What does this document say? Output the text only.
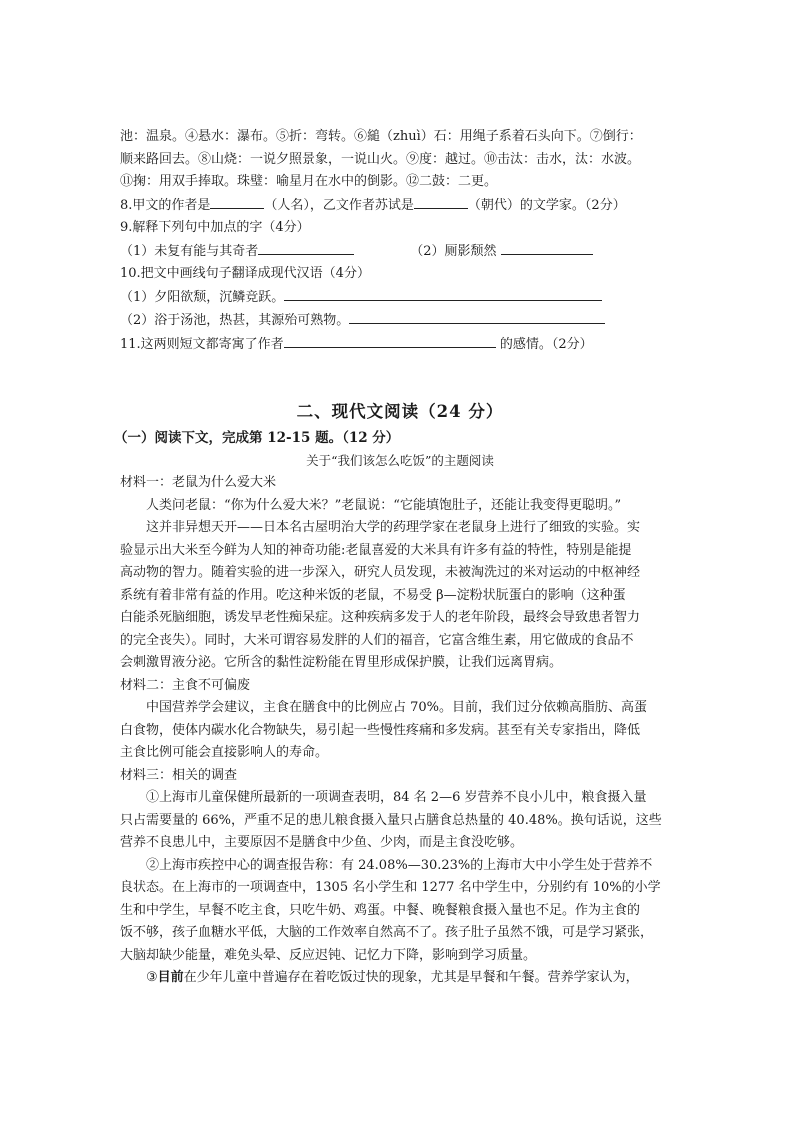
池：温泉。④悬水：瀑布。⑤折：弯转。⑥縋（zhuì）石：用绳子系着石头向下。⑦倒行：

顺来路回去。⑧山烧：一说夕照景象，一说山火。⑨度：越过。⑩击汰：击水，汰：水波。

⑪掬：用双手捧取。珠璧：喻星月在水中的倒影。⑫二鼓：二更。

8.甲文的作者是	（人名），乙文作者苏试是	（朝代）的文学家。（2分）

9.解释下列句中加点的字（4分）

（1）未复有能与其奇者	（2）厕影颓然

10.把文中画线句子翻译成现代汉语（4分）

（1）夕阳欲颓，沉鳞竞跃。

（2）浴于汤池，热甚，其源殆可熟物。

11.这两则短文都寄寓了作者	的感情。（2分）

二、现代文阅读（24 分）

（一）阅读下文，完成第 12-15 题。（12 分）

关于“我们该怎么吃饭”的主题阅读

材料一：老鼠为什么爱大米

人类问老鼠：“你为什么爱大米？”老鼠说：“它能填饱肚子，还能让我变得更聪明。”

这并非异想天开——日本名古屋明治大学的药理学家在老鼠身上进行了细致的实验。实

验显示出大米至今鲜为人知的神奇功能:老鼠喜爱的大米具有许多有益的特性，特别是能提

高动物的智力。随着实验的进一步深入，研究人员发现，未被淘洗过的米对运动的中枢神经

系统有着非常有益的作用。吃这种米饭的老鼠，不易受 β—淀粉状朊蛋白的影响（这种蛋

白能杀死脑细胞，诱发早老性痴呆症。这种疾病多发于人的老年阶段，最终会导致患者智力

的完全丧失）。同时，大米可谓容易发胖的人们的福音，它富含维生素，用它做成的食品不

会刺激胃液分泌。它所含的黏性淀粉能在胃里形成保护膜，让我们远离胃病。

材料二：主食不可偏废

中国营养学会建议，主食在膳食中的比例应占 70%。目前，我们过分依赖高脂肪、高蛋

白食物，使体内碳水化合物缺失，易引起一些慢性疼痛和多发病。甚至有关专家指出，降低

主食比例可能会直接影响人的寿命。

材料三：相关的调查

①上海市儿童保健所最新的一项调查表明，84 名 2—6 岁营养不良小儿中，粮食摄入量

只占需要量的 66%，严重不足的患儿粮食摄入量只占膳食总热量的 40.48%。换句话说，这些

营养不良患儿中，主要原因不是膳食中少鱼、少肉，而是主食没吃够。

②上海市疾控中心的调查报告称：有 24.08%—30.23%的上海市大中小学生处于营养不

良状态。在上海市的一项调查中，1305 名小学生和 1277 名中学生中，分别约有 10%的小学

生和中学生，早餐不吃主食，只吃牛奶、鸡蛋。中餐、晚餐粮食摄入量也不足。作为主食的

饭不够，孩子血糖水平低，大脑的工作效率自然高不了。孩子肚子虽然不饿，可是学习紧张，

大脑却缺少能量，难免头晕、反应迟钝、记忆力下降，影响到学习质量。

③目前在少年儿童中普遍存在着吃饭过快的现象，尤其是早餐和午餐。营养学家认为，
